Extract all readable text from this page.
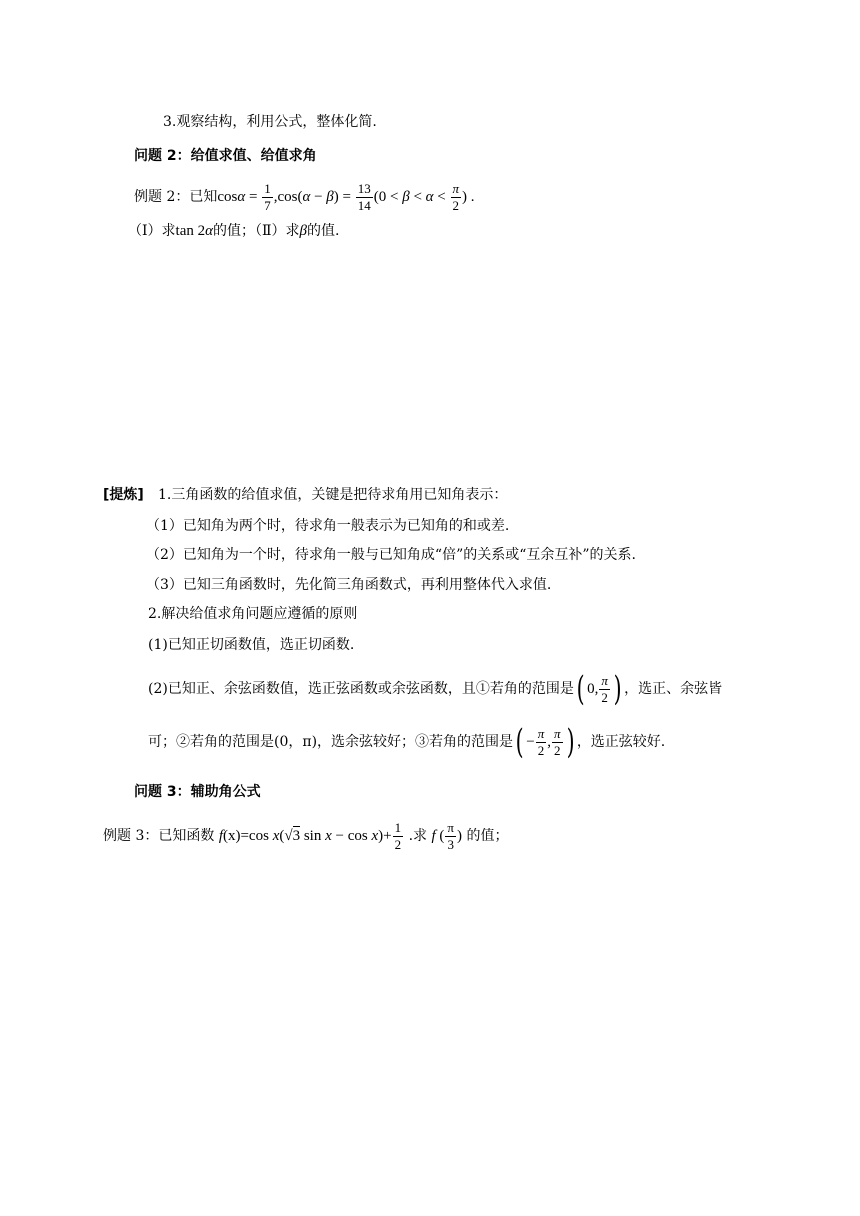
3.观察结构，利用公式，整体化简.
问题 2：给值求值、给值求角
例题 2：已知$\cos\alpha = \frac{1}{7} ,\cos(\alpha - \beta) = \frac{13}{14} (0 < \beta < \alpha < \frac{\pi}{2}$ ) .
（Ⅰ）求tan 2α的值；（Ⅱ）求β的值.
[提炼] 1.三角函数的给值求值，关键是把待求角用已知角表示：
（1）已知角为两个时，待求角一般表示为已知角的和或差.
（2）已知角为一个时，待求角一般与已知角成“倍”的关系或“互余互补”的关系.
（3）已知三角函数时，先化简三角函数式，再利用整体代入求值.
2.解决给值求角问题应遵循的原则
(1)已知正切函数值，选正切函数.
(2)已知正、余弦函数值，选正弦函数或余弦函数，且①若角的范围是( 0, $\frac{\pi}{2}$ ) ，选正、余弦皆
可；②若角的范围是(0，π)，选余弦较好；③若角的范围是( − $\frac{\pi}{2}$ , $\frac{\pi}{2}$ ) ，选正弦较好.
问题 3：辅助角公式
例题 3：已知函数 f(x)=cos x(√3 $\sin x - \cos x)+ \frac{1}{2}$ .求 f ( $\frac{\pi}{3}$ ) 的值；
